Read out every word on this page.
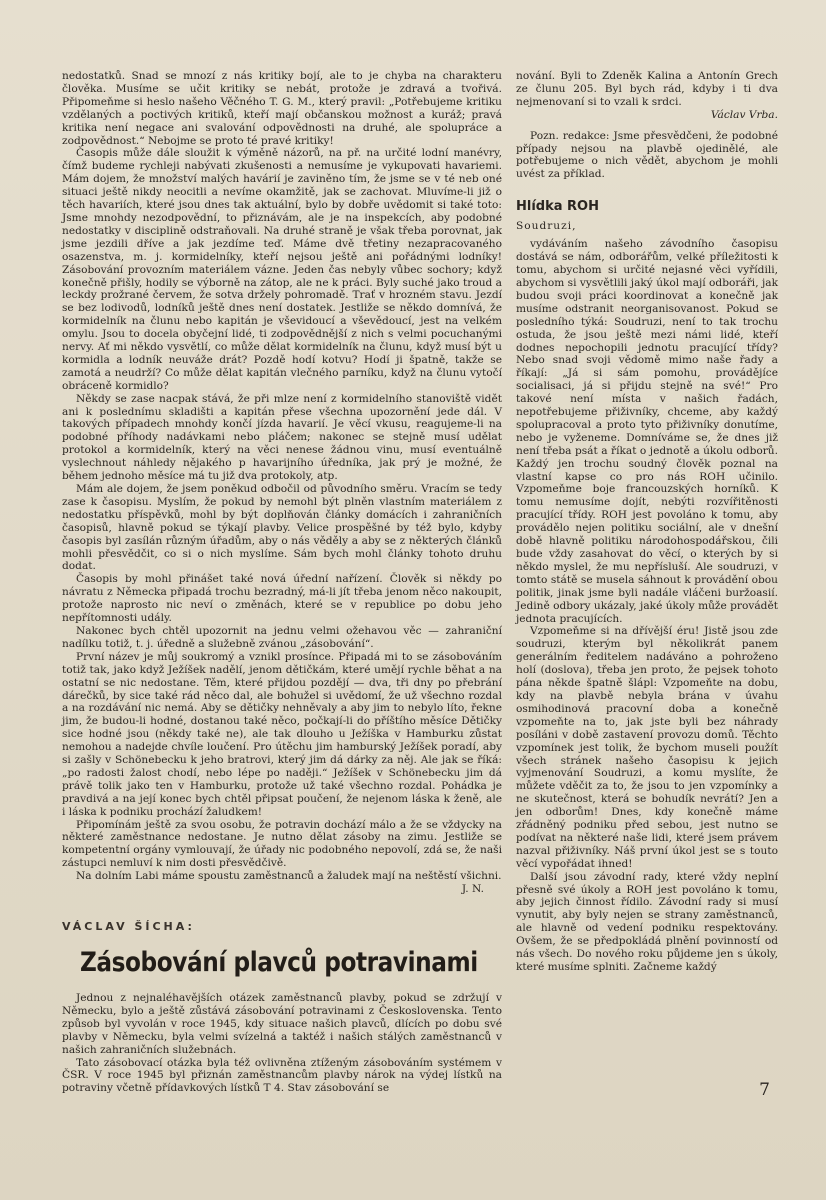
nedostatků. Snad se mnozí z nás kritiky bojí, ale to je chyba na charakteru člověka. Musíme se učit kritiky se nebát, protože je zdravá a tvořivá. Připomeňme si heslo našeho Věčného T. G. M., který pravil: „Potřebujeme kritiku vzdělaných a poctivých kritiků, kteří mají občanskou možnost a kuráž; pravá kritika není negace ani svalování odpovědnosti na druhé, ale spolupráce a zodpovědnost.“ Nebojme se proto té pravé kritiky!

Časopis může dále sloužit k výměně názorů, na př. na určité lodní manévry, čímž budeme rychleji nabývati zkušenosti a nemusíme je vykupovati havariemi. Mám dojem, že množství malých havárií je zaviněno tím, že jsme se v té neb oné situaci ještě nikdy neocitli a nevíme okamžitě, jak se zachovat. Mluvíme-li již o těch havariích, které jsou dnes tak aktuální, bylo by dobře uvědomit si také toto: Jsme mnohdy nezodpovědní, to přiznávám, ale je na inspekcích, aby podobné nedostatky v disciplině odstraňovali. Na druhé straně je však třeba porovnat, jak jsme jezdili dříve a jak jezdíme teď. Máme dvě třetiny nezapracovaného osazenstva, m. j. kormidelníky, kteří nejsou ještě ani pořádnými lodníky! Zásobování provozním materiálem vázne. Jeden čas nebyly vůbec sochory; když konečně přišly, hodily se výborně na zátop, ale ne k práci. Byly suché jako troud a leckdy prožrané červem, že sotva držely pohromadě. Trať v hrozném stavu. Jezdí se bez lodivodů, lodníků ještě dnes není dostatek. Jestliže se někdo domnívá, že kormidelník na člunu nebo kapitán je vševidoucí a vševědoucí, jest na velkém omylu. Jsou to docela obyčejní lidé, ti zodpovědnější z nich s velmi pocuchanými nervy. Ať mi někdo vysvětlí, co může dělat kormidelník na člunu, když musí být u kormidla a lodník neuváže drát? Pozdě hodí kotvu? Hodí ji špatně, takže se zamotá a neudrží? Co může dělat kapitán vlečného parníku, když na člunu vytočí obráceně kormidlo?

Někdy se zase nacpak stává, že při mlze není z kormidelního stanoviště vidět ani k poslednímu skladišti a kapitán přese všechna upozornění jede dál. V takových případech mnohdy končí jízda havarií. Je věcí vkusu, reagujeme-li na podobné příhody nadávkami nebo pláčem; nakonec se stejně musí udělat protokol a kormidelník, který na věci nenese žádnou vinu, musí eventuálně vyslechnout náhledy nějakého p havarijního úředníka, jak prý je možné, že během jednoho měsíce má tu již dva protokoly, atp.

Mám ale dojem, že jsem poněkud odbočil od původního směru. Vracím se tedy zase k časopisu. Myslím, že pokud by nemohl být plněn vlastním materiálem z nedostatku příspěvků, mohl by být doplňován články domácích i zahraničních časopisů, hlavně pokud se týkají plavby. Velice prospěšné by též bylo, kdyby časopis byl zasílán různým úřadům, aby o nás věděly a aby se z některých článků mohli přesvědčit, co si o nich myslíme. Sám bych mohl články tohoto druhu dodat.

Časopis by mohl přinášet také nová úřední nařízení. Člověk si někdy po návratu z Německa připadá trochu bezradný, má-li jít třeba jenom něco nakoupit, protože naprosto nic neví o změnách, které se v republice po dobu jeho nepřítomnosti udály.

Nakonec bych chtěl upozornit na jednu velmi ožehavou věc — zahraniční nadílku totiž, t. j. úředně a služebně zvánou „zásobování“.

První název je můj soukromý a vznikl prosínce. Připadá mi to se zásobováním totiž tak, jako když Ježíšek nadělí, jenom dětičkám, které umějí rychle běhat a na ostatní se nic nedostane. Těm, které přijdou pozdějí — dva, tři dny po přebrání dárečků, by sice také rád něco dal, ale bohužel si uvědomí, že už všechno rozdal a na rozdávání nic nemá. Aby se dětičky nehněvaly a aby jim to nebylo líto, řekne jim, že budou-li hodné, dostanou také něco, počkají-li do příštího měsíce Dětičky sice hodné jsou (někdy také ne), ale tak dlouho u Ježíška v Hamburku zůstat nemohou a nadejde chvíle loučení. Pro útěchu jim hamburský Ježíšek poradí, aby si zašly v Schönebecku k jeho bratrovi, který jim dá dárky za něj. Ale jak se říká: „po radosti žalost chodí, nebo lépe po naději.“ Ježíšek v Schönebecku jim dá právě tolik jako ten v Hamburku, protože už také všechno rozdal. Pohádka je pravdivá a na její konec bych chtěl připsat poučení, že nejenom láska k ženě, ale i láska k podniku prochází žaludkem!

Připomínám ještě za svou osobu, že potravin dochází málo a že se vždycky na některé zaměstnance nedostane. Je nutno dělat zásoby na zimu. Jestliže se kompetentní orgány vymlouvají, že úřady nic podobného nepovolí, zdá se, že naši zástupci nemluví k nim dosti přesvědčivě.

Na dolním Labi máme spoustu zaměstnanců a žaludek mají na neštěstí všichni.
J. N.
VÁCLAV ŠÍCHA:
Zásobování plavců potravinami

Jednou z nejnaléhavějších otázek zaměstnanců plavby, pokud se zdržují v Německu, bylo a ještě zůstává zásobování potravinami z Československa. Tento způsob byl vyvolán v roce 1945, kdy situace našich plavců, dlících po dobu své plavby v Německu, byla velmi svízelná a taktéž i našich stálých zaměstnanců v našich zahraničních služebnách.

Tato zásobovací otázka byla též ovlivněna ztíženým zásobováním systémem v ČSR. V roce 1945 byl přiznán zaměstnancům plavby nárok na výdej lístků na potraviny včetně přídavkových lístků T 4. Stav zásobování se

nování. Byli to Zdeněk Kalina a Antonín Grech ze člunu 205. Byl bych rád, kdyby i ti dva nejmenovaní si to vzali k srdci.

Václav Vrba.

Pozn. redakce: Jsme přesvědčeni, že podobné případy nejsou na plavbě ojedinělé, ale potřebujeme o nich vědět, abychom je mohli uvést za příklad.

Hlídka ROH
Soudruzi,

vydáváním našeho závodního časopisu dostává se nám, odborářům, velké příležitosti k tomu, abychom si určité nejasné věci vyřídili, abychom si vysvětlili jaký úkol mají odboráři, jak budou svoji práci koordinovat a konečně jak musíme odstranit neorganisovanost. Pokud se posledního týká: Soudruzi, není to tak trochu ostuda, že jsou ještě mezi námi lidé, kteří dodnes nepochopili jednotu pracující třídy? Nebo snad svoji vědomě mimo naše řady a říkají: „Já si sám pomohu, provádějíce socialisaci, já si přijdu stejně na své!“ Pro takové není místa v našich řadách, nepotřebujeme přiživníky, chceme, aby každý spolupracoval a proto tyto přiživníky donutíme, nebo je vyženeme. Domníváme se, že dnes již není třeba psát a říkat o jednotě a úkolu odborů. Každý jen trochu soudný člověk poznal na vlastní kapse co pro nás ROH učinilo. Vzpomeňme boje francouzských horníků. K tomu nemusíme dojít, nebýti rozvířitěnosti pracující třídy. ROH jest povoláno k tomu, aby provádělo nejen politiku sociální, ale v dnešní době hlavně politiku národohospodářskou, čili bude vždy zasahovat do věcí, o kterých by si někdo myslel, že mu nepřísluší. Ale soudruzi, v tomto státě se musela sáhnout k provádění obou politik, jinak jsme byli nadále vláčeni buržoasií. Jedině odbory ukázaly, jaké úkoly může provádět jednota pracujících.

Vzpomeňme si na dřívější éru! Jistě jsou zde soudruzi, kterým byl několikrát panem generálním ředitelem nadáváno a pohroženo holí (doslova), třeba jen proto, že pejsek tohoto pána někde špatně šlápl: Vzpomeňte na dobu, kdy na plavbě nebyla brána v úvahu osmihodinová pracovní doba a konečně vzpomeňte na to, jak jste byli bez náhrady posíláni v době zastavení provozu domů. Těchto vzpomínek jest tolik, že bychom museli použít všech stránek našeho časopisu k jejich vyjmenování Soudruzi, a komu myslíte, že můžete vděčit za to, že jsou to jen vzpomínky a ne skutečnost, která se bohudík nevrátí? Jen a jen odborům! Dnes, kdy konečně máme zřádněný podniku před sebou, jest nutno se podívat na některé naše lidi, které jsem právem nazval přiživníky. Náš první úkol jest se s touto věcí vypořádat ihned!

Další jsou závodní rady, které vždy neplní přesně své úkoly a ROH jest povoláno k tomu, aby jejich činnost řídilo. Závodní rady si musí vynutit, aby byly nejen se strany zaměstnanců, ale hlavně od vedení podniku respektovány. Ovšem, že se předpokládá plnění povinností od nás všech. Do nového roku půjdeme jen s úkoly, které musíme splniti. Začneme každý

7
